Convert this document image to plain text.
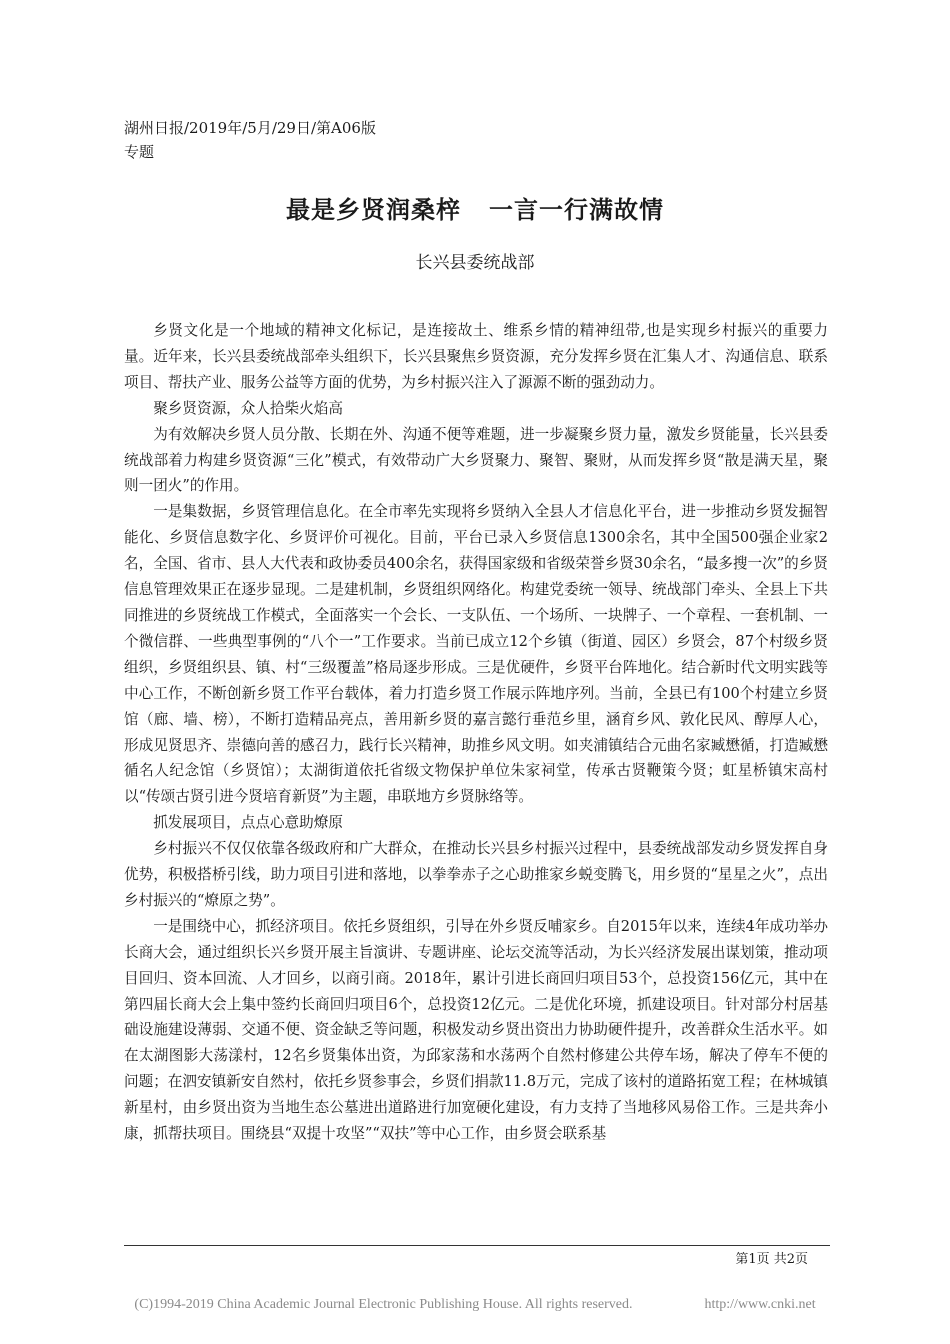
湖州日报/2019年/5月/29日/第A06版
专题
最是乡贤润桑梓 一言一行满故情
长兴县委统战部

乡贤文化是一个地域的精神文化标记，是连接故土、维系乡情的精神纽带,也是实现乡村振兴的重要力量。近年来，长兴县委统战部牵头组织下，长兴县聚焦乡贤资源，充分发挥乡贤在汇集人才、沟通信息、联系项目、帮扶产业、服务公益等方面的优势，为乡村振兴注入了源源不断的强劲动力。

聚乡贤资源，众人拾柴火焰高

为有效解决乡贤人员分散、长期在外、沟通不便等难题，进一步凝聚乡贤力量，激发乡贤能量，长兴县委统战部着力构建乡贤资源“三化”模式，有效带动广大乡贤聚力、聚智、聚财，从而发挥乡贤“散是满天星，聚则一团火”的作用。

一是集数据，乡贤管理信息化。在全市率先实现将乡贤纳入全县人才信息化平台，进一步推动乡贤发掘智能化、乡贤信息数字化、乡贤评价可视化。目前，平台已录入乡贤信息1300余名，其中全国500强企业家2名，全国、省市、县人大代表和政协委员400余名，获得国家级和省级荣誉乡贤30余名，“最多搜一次”的乡贤信息管理效果正在逐步显现。二是建机制，乡贤组织网络化。构建党委统一领导、统战部门牵头、全县上下共同推进的乡贤统战工作模式，全面落实一个会长、一支队伍、一个场所、一块牌子、一个章程、一套机制、一个微信群、一些典型事例的“八个一”工作要求。当前已成立12个乡镇（街道、园区）乡贤会，87个村级乡贤组织，乡贤组织县、镇、村“三级覆盖”格局逐步形成。三是优硬件，乡贤平台阵地化。结合新时代文明实践等中心工作，不断创新乡贤工作平台载体，着力打造乡贤工作展示阵地序列。当前，全县已有100个村建立乡贤馆（廊、墙、榜），不断打造精品亮点，善用新乡贤的嘉言懿行垂范乡里，涵育乡风、敦化民风、醇厚人心，形成见贤思齐、崇德向善的感召力，践行长兴精神，助推乡风文明。如夹浦镇结合元曲名家臧懋循，打造臧懋循名人纪念馆（乡贤馆）；太湖街道依托省级文物保护单位朱家祠堂，传承古贤鞭策今贤；虹星桥镇宋高村以“传颂古贤引进今贤培育新贤”为主题，串联地方乡贤脉络等。

抓发展项目，点点心意助燎原

乡村振兴不仅仅依靠各级政府和广大群众，在推动长兴县乡村振兴过程中，县委统战部发动乡贤发挥自身优势，积极搭桥引线，助力项目引进和落地，以拳拳赤子之心助推家乡蜕变腾飞，用乡贤的“星星之火”，点出乡村振兴的“燎原之势”。

一是围绕中心，抓经济项目。依托乡贤组织，引导在外乡贤反哺家乡。自2015年以来，连续4年成功举办长商大会，通过组织长兴乡贤开展主旨演讲、专题讲座、论坛交流等活动，为长兴经济发展出谋划策，推动项目回归、资本回流、人才回乡，以商引商。2018年，累计引进长商回归项目53个，总投资156亿元，其中在第四届长商大会上集中签约长商回归项目6个，总投资12亿元。二是优化环境，抓建设项目。针对部分村居基础设施建设薄弱、交通不便、资金缺乏等问题，积极发动乡贤出资出力协助硬件提升，改善群众生活水平。如在太湖图影大荡漾村，12名乡贤集体出资，为邱家荡和水荡两个自然村修建公共停车场，解决了停车不便的问题；在泗安镇新安自然村，依托乡贤参事会，乡贤们捐款11.8万元，完成了该村的道路拓宽工程；在林城镇新星村，由乡贤出资为当地生态公墓进出道路进行加宽硬化建设，有力支持了当地移风易俗工作。三是共奔小康，抓帮扶项目。围绕县“双提十攻坚”“双扶”等中心工作，由乡贤会联系基

第1页 共2页
(C)1994-2019 China Academic Journal Electronic Publishing House. All rights reserved.	http://www.cnki.net
